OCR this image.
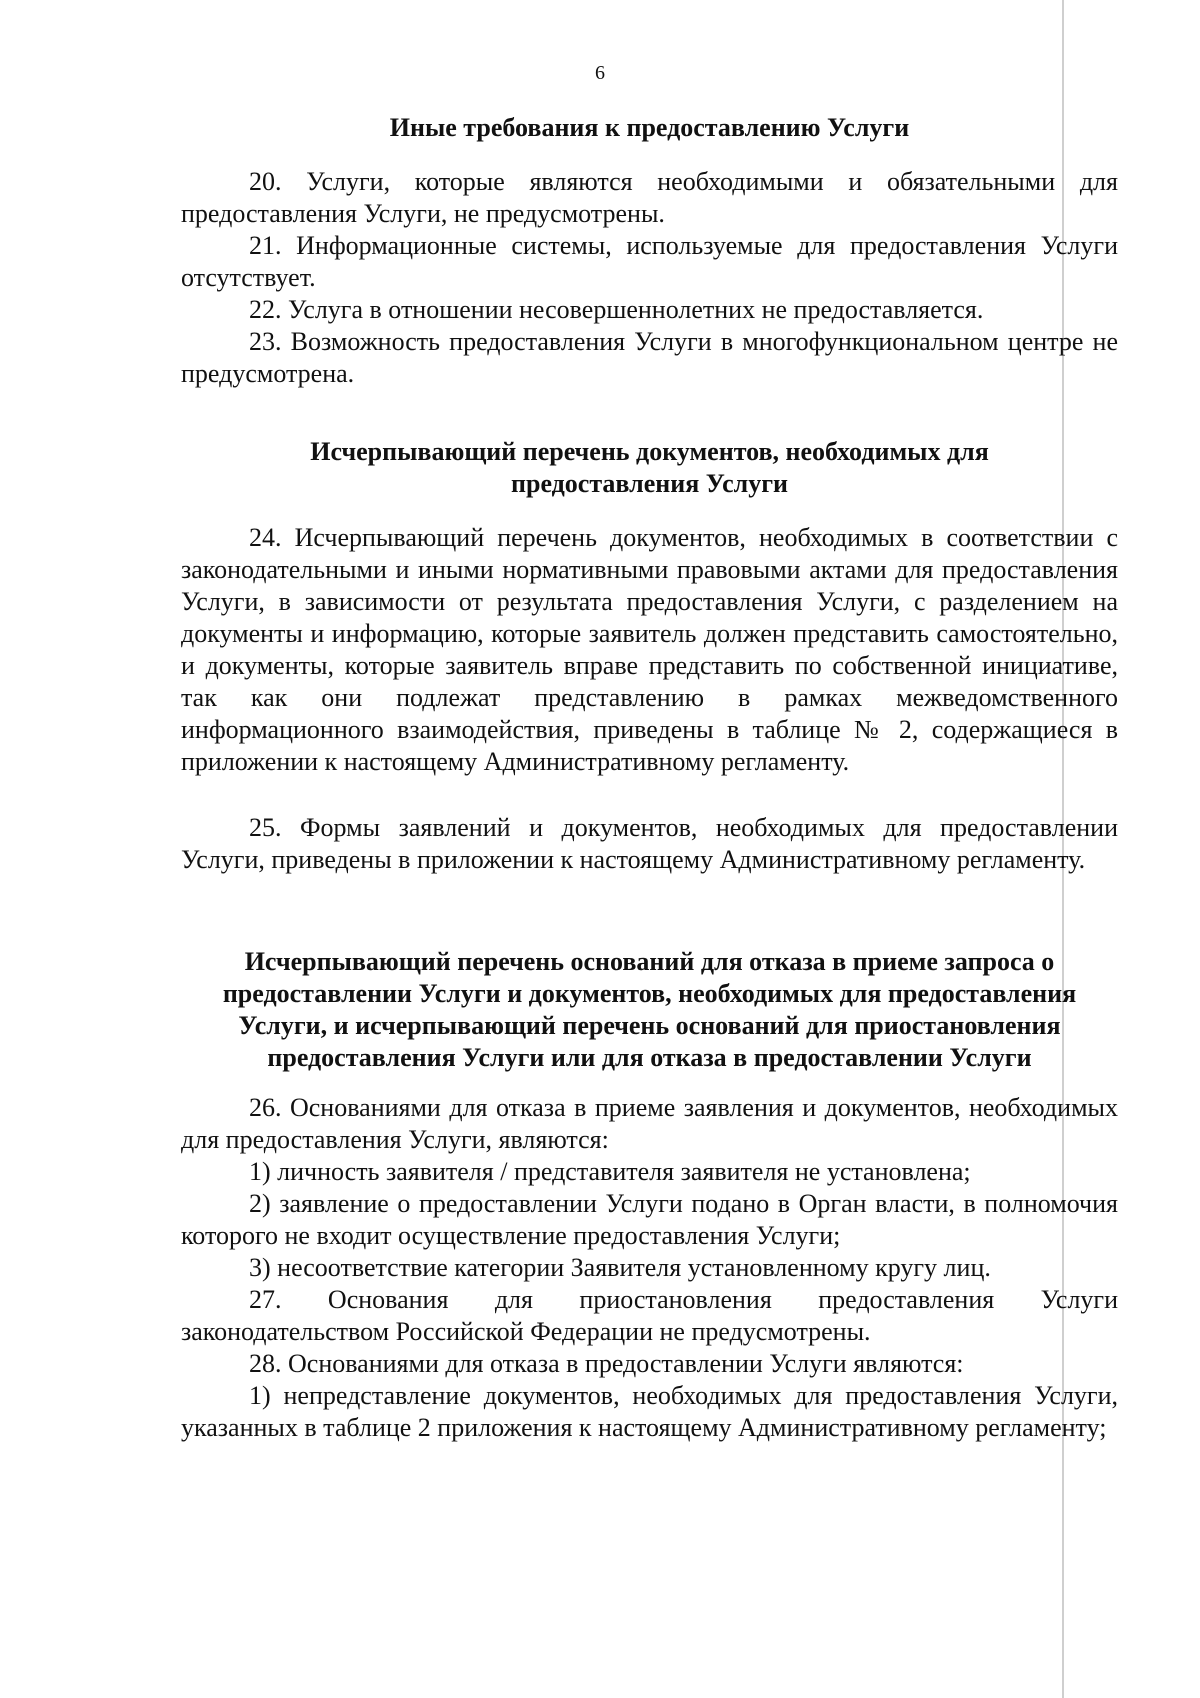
6
Иные требования к предоставлению Услуги

20. Услуги, которые являются необходимыми и обязательными для предоставления Услуги, не предусмотрены.

21. Информационные системы, используемые для предоставления Услуги отсутствует.

22. Услуга в отношении несовершеннолетних не предоставляется.

23. Возможность предоставления Услуги в многофункциональном центре не предусмотрена.

Исчерпывающий перечень документов, необходимых для предоставления Услуги

24. Исчерпывающий перечень документов, необходимых в соответствии с законодательными и иными нормативными правовыми актами для предоставления Услуги, в зависимости от результата предоставления Услуги, с разделением на документы и информацию, которые заявитель должен представить самостоятельно, и документы, которые заявитель вправе представить по собственной инициативе, так как они подлежат представлению в рамках межведомственного информационного взаимодействия, приведены в таблице № 2, содержащиеся в приложении к настоящему Административному регламенту.

25. Формы заявлений и документов, необходимых для предоставлении Услуги, приведены в приложении к настоящему Административному регламенту.

Исчерпывающий перечень оснований для отказа в приеме запроса о предоставлении Услуги и документов, необходимых для предоставления Услуги, и исчерпывающий перечень оснований для приостановления предоставления Услуги или для отказа в предоставлении Услуги

26. Основаниями для отказа в приеме заявления и документов, необходимых для предоставления Услуги, являются:

1) личность заявителя / представителя заявителя не установлена;

2) заявление о предоставлении Услуги подано в Орган власти, в полномочия которого не входит осуществление предоставления Услуги;

3) несоответствие категории Заявителя установленному кругу лиц.

27. Основания для приостановления предоставления Услуги законодательством Российской Федерации не предусмотрены.

28. Основаниями для отказа в предоставлении Услуги являются:

1) непредставление документов, необходимых для предоставления Услуги, указанных в таблице 2 приложения к настоящему Административному регламенту;
